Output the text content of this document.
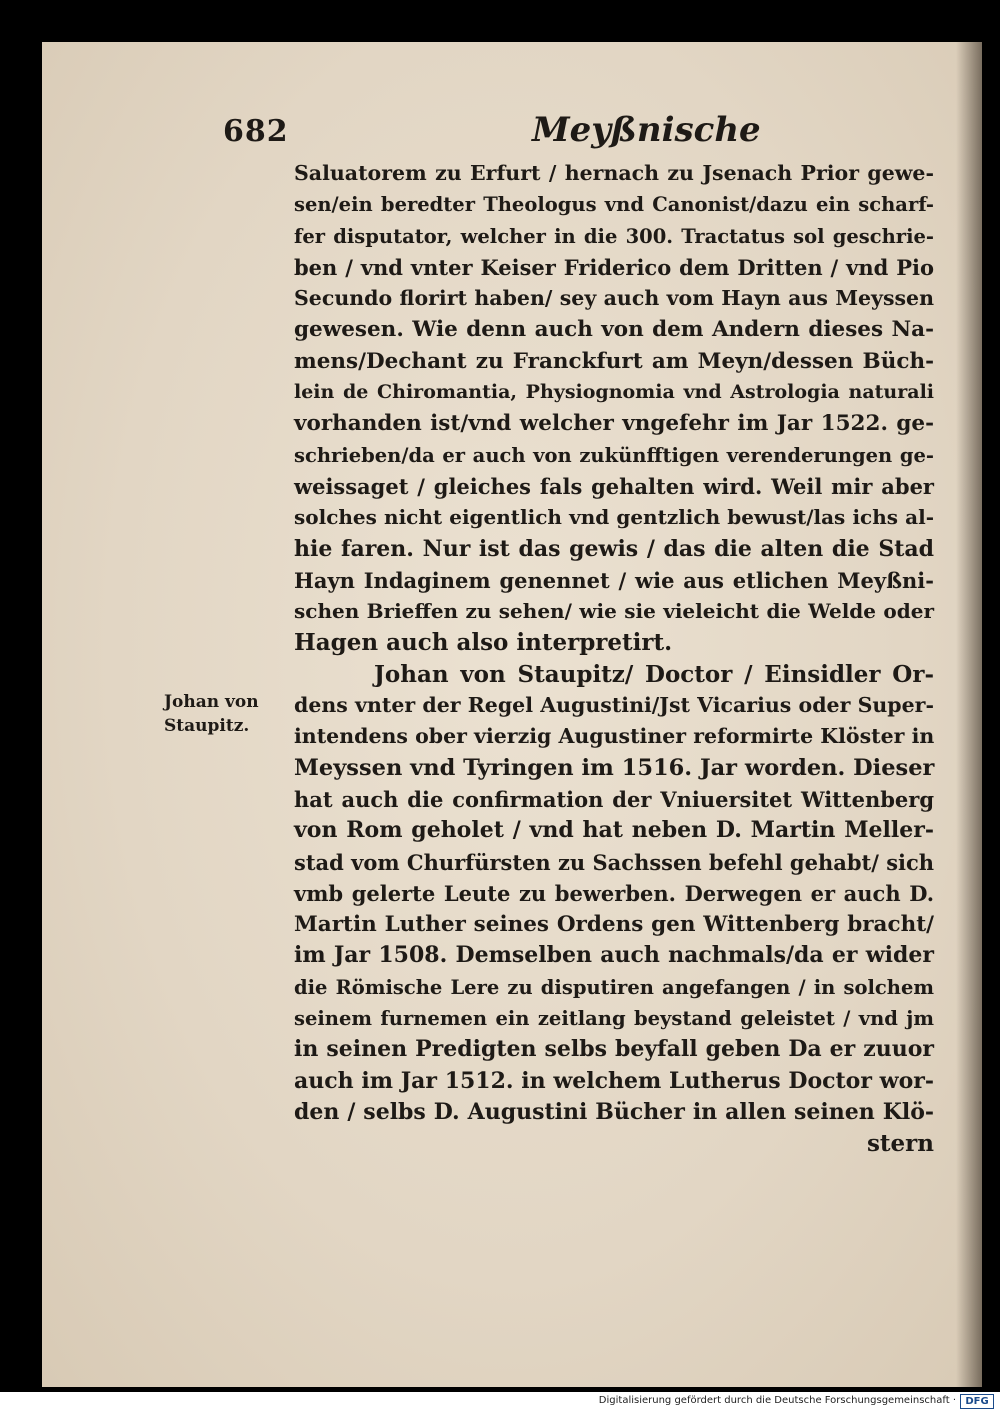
682	Meyßnische
Johan von
Staupitz.
Saluatorem zu Erfurt / hernach zu Jsenach Prior gewe-
sen/ein beredter Theologus vnd Canonist/dazu ein scharf-
fer disputator, welcher in die 300. Tractatus sol geschrie-
ben / vnd vnter Keiser Friderico dem Dritten / vnd Pio
Secundo florirt haben/ sey auch vom Hayn aus Meyssen
gewesen. Wie denn auch von dem Andern dieses Na-
mens/Dechant zu Franckfurt am Meyn/dessen Büch-
lein de Chiromantia, Physiognomia vnd Astrologia naturali
vorhanden ist/vnd welcher vngefehr im Jar 1522. ge-
schrieben/da er auch von zukünfftigen verenderungen ge-
weissaget / gleiches fals gehalten wird. Weil mir aber
solches nicht eigentlich vnd gentzlich bewust/las ichs al-
hie faren. Nur ist das gewis / das die alten die Stad
Hayn Indaginem genennet / wie aus etlichen Meyßni-
schen Brieffen zu sehen/ wie sie vieleicht die Welde oder
Hagen auch also interpretirt.
Johan von Staupitz/ Doctor / Einsidler Or-
dens vnter der Regel Augustini/Jst Vicarius oder Super-
intendens ober vierzig Augustiner reformirte Klöster in
Meyssen vnd Tyringen im 1516. Jar worden. Dieser
hat auch die confirmation der Vniuersitet Wittenberg
von Rom geholet / vnd hat neben D. Martin Meller-
stad vom Churfürsten zu Sachssen befehl gehabt/ sich
vmb gelerte Leute zu bewerben. Derwegen er auch D.
Martin Luther seines Ordens gen Wittenberg bracht/
im Jar 1508. Demselben auch nachmals/da er wider
die Römische Lere zu disputiren angefangen / in solchem
seinem furnemen ein zeitlang beystand geleistet / vnd jm
in seinen Predigten selbs beyfall geben Da er zuuor
auch im Jar 1512. in welchem Lutherus Doctor wor-
den / selbs D. Augustini Bücher in allen seinen Klö-
stern
Digitalisierung gefördert durch die Deutsche Forschungsgemeinschaft · DFG
